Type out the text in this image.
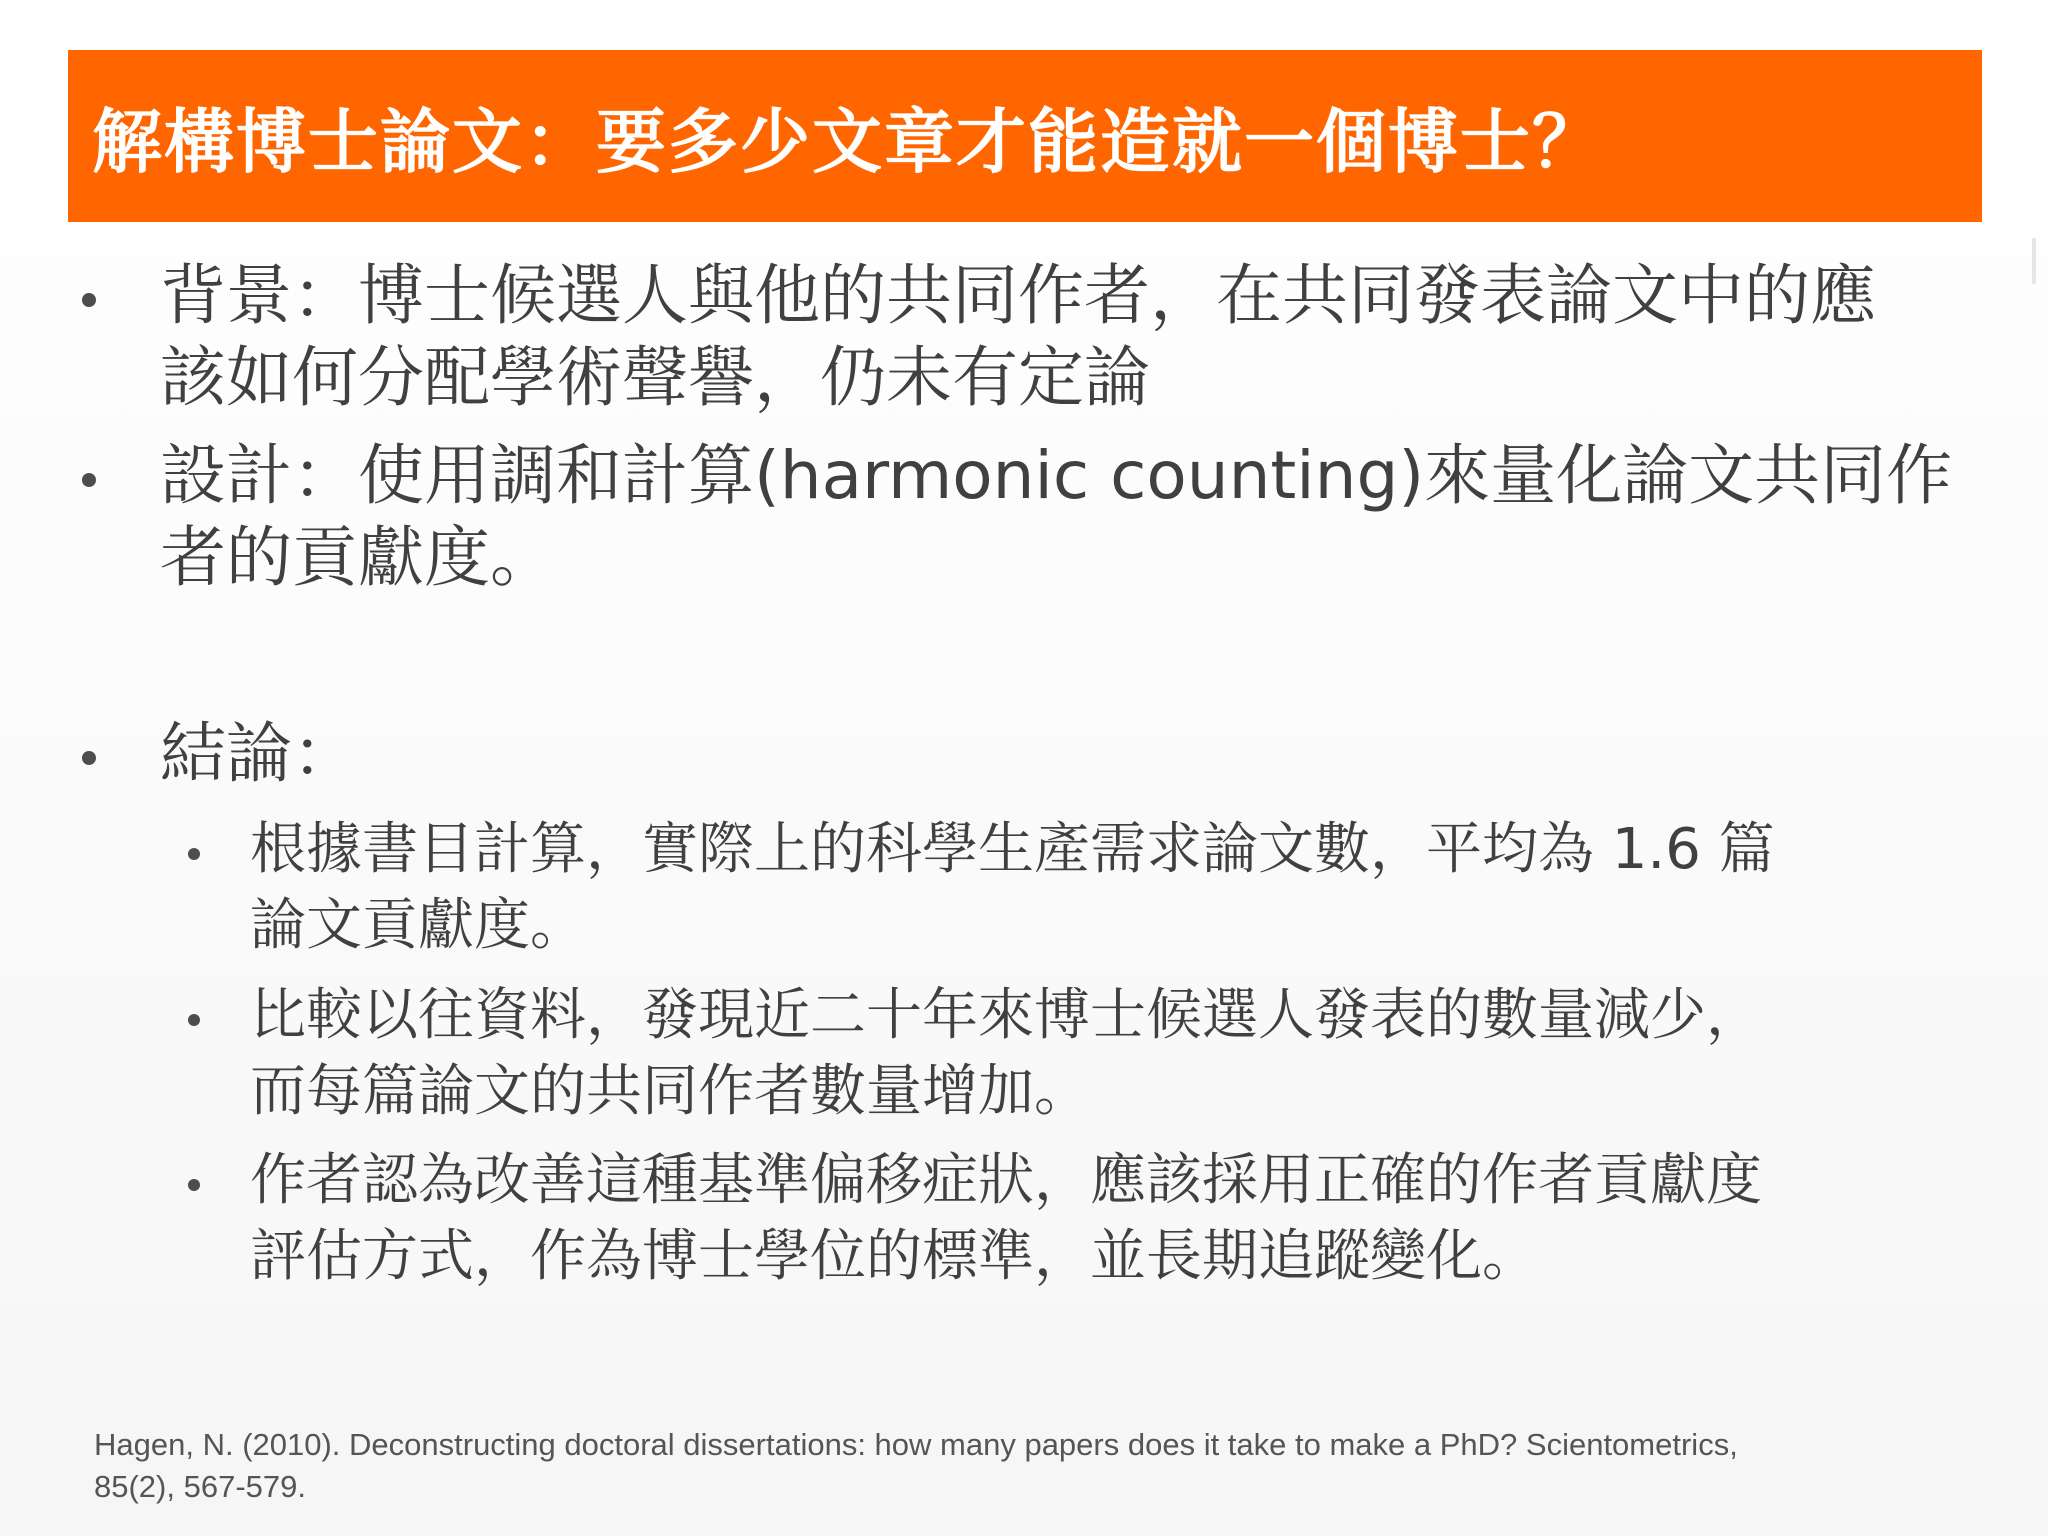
解構博士論文：要多少文章才能造就一個博士？
背景：博士候選人與他的共同作者，在共同發表論文中的應
該如何分配學術聲譽，仍未有定論
設計：使用調和計算(harmonic counting)來量化論文共同作
者的貢獻度。
結論：
根據書目計算，實際上的科學生產需求論文數，平均為 1.6 篇
論文貢獻度。
比較以往資料，發現近二十年來博士候選人發表的數量減少，
而每篇論文的共同作者數量增加。
作者認為改善這種基準偏移症狀，應該採用正確的作者貢獻度
評估方式，作為博士學位的標準，並長期追蹤變化。
Hagen, N. (2010). Deconstructing doctoral dissertations: how many papers does it take to make a PhD? Scientometrics,
85(2), 567-579.
